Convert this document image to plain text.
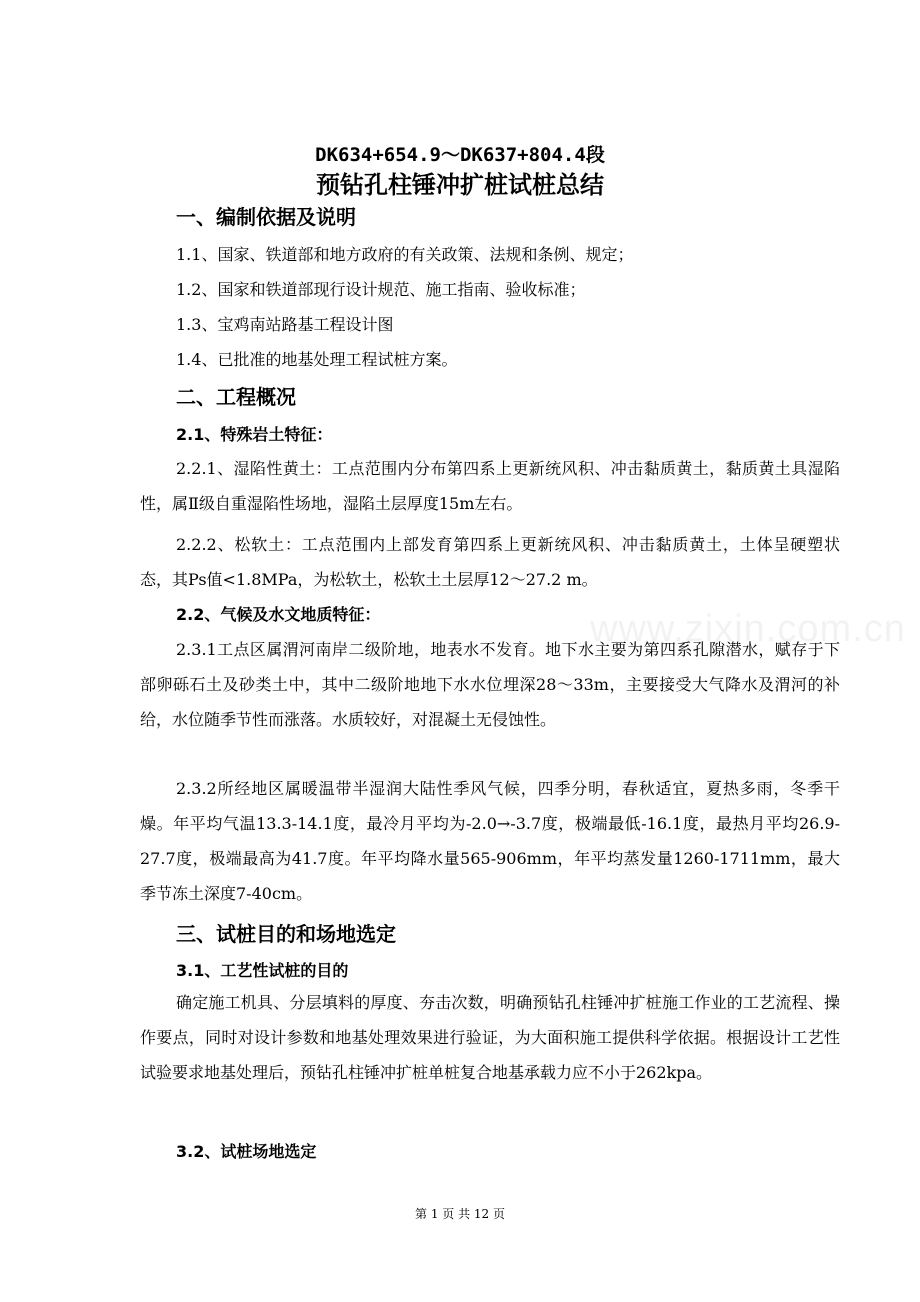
www.zixin.com.cn
DK634+654.9～DK637+804.4段
预钻孔柱锤冲扩桩试桩总结
一、编制依据及说明
1.1、国家、铁道部和地方政府的有关政策、法规和条例、规定；
1.2、国家和铁道部现行设计规范、施工指南、验收标准；
1.3、宝鸡南站路基工程设计图
1.4、已批准的地基处理工程试桩方案。
二、工程概况
2.1、特殊岩土特征：
2.2.1、湿陷性黄土：工点范围内分布第四系上更新统风积、冲击黏质黄土，黏质黄土具湿陷性，属Ⅱ级自重湿陷性场地，湿陷土层厚度15m左右。
2.2.2、松软土：工点范围内上部发育第四系上更新统风积、冲击黏质黄土，土体呈硬塑状态，其Ps值<1.8MPa，为松软土，松软土土层厚12～27.2 m。
2.2、气候及水文地质特征：
2.3.1工点区属渭河南岸二级阶地，地表水不发育。地下水主要为第四系孔隙潜水，赋存于下部卵砾石土及砂类土中，其中二级阶地地下水水位埋深28～33m，主要接受大气降水及渭河的补给，水位随季节性而涨落。水质较好，对混凝土无侵蚀性。
2.3.2所经地区属暖温带半湿润大陆性季风气候，四季分明，春秋适宜，夏热多雨，冬季干燥。年平均气温13.3-14.1度，最冷月平均为-2.0→-3.7度，极端最低-16.1度，最热月平均26.9-27.7度，极端最高为41.7度。年平均降水量565-906mm，年平均蒸发量1260-1711mm，最大季节冻土深度7-40cm。
三、试桩目的和场地选定
3.1、工艺性试桩的目的
确定施工机具、分层填料的厚度、夯击次数，明确预钻孔柱锤冲扩桩施工作业的工艺流程、操作要点，同时对设计参数和地基处理效果进行验证，为大面积施工提供科学依据。根据设计工艺性试验要求地基处理后，预钻孔柱锤冲扩桩单桩复合地基承载力应不小于262kpa。
3.2、试桩场地选定
第 1 页 共 12 页
